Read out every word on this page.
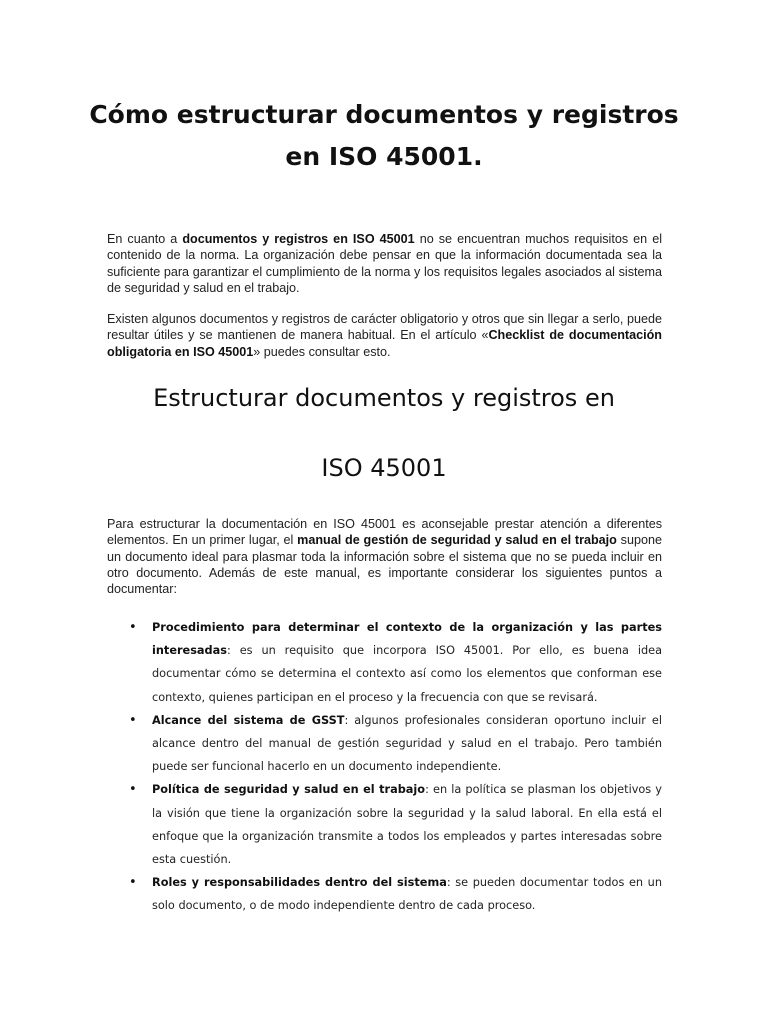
Cómo estructurar documentos y registros
en ISO 45001.

En cuanto a documentos y registros en ISO 45001 no se encuentran muchos requisitos en el contenido de la norma. La organización debe pensar en que la información documentada sea la suficiente para garantizar el cumplimiento de la norma y los requisitos legales asociados al sistema de seguridad y salud en el trabajo.

Existen algunos documentos y registros de carácter obligatorio y otros que sin llegar a serlo, puede resultar útiles y se mantienen de manera habitual. En el artículo «Checklist de documentación obligatoria en ISO 45001» puedes consultar esto.

Estructurar documentos y registros en
ISO 45001

Para estructurar la documentación en ISO 45001 es aconsejable prestar atención a diferentes elementos. En un primer lugar, el manual de gestión de seguridad y salud en el trabajo supone un documento ideal para plasmar toda la información sobre el sistema que no se pueda incluir en otro documento. Además de este manual, es importante considerar los siguientes puntos a documentar:

• Procedimiento para determinar el contexto de la organización y las partes interesadas: es un requisito que incorpora ISO 45001. Por ello, es buena idea documentar cómo se determina el contexto así como los elementos que conforman ese contexto, quienes participan en el proceso y la frecuencia con que se revisará.
• Alcance del sistema de GSST: algunos profesionales consideran oportuno incluir el alcance dentro del manual de gestión seguridad y salud en el trabajo. Pero también puede ser funcional hacerlo en un documento independiente.
• Política de seguridad y salud en el trabajo: en la política se plasman los objetivos y la visión que tiene la organización sobre la seguridad y la salud laboral. En ella está el enfoque que la organización transmite a todos los empleados y partes interesadas sobre esta cuestión.
• Roles y responsabilidades dentro del sistema: se pueden documentar todos en un solo documento, o de modo independiente dentro de cada proceso.
